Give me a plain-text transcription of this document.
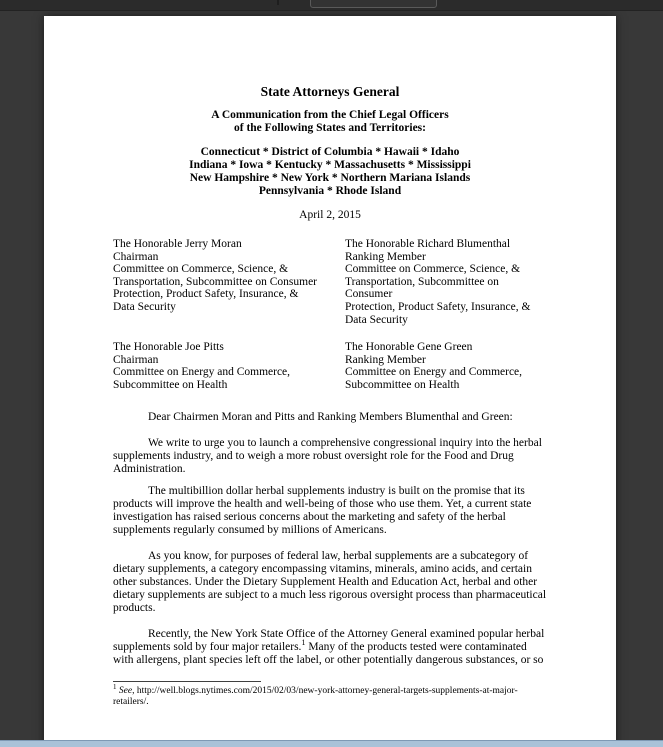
State Attorneys General
A Communication from the Chief Legal Officers
of the Following States and Territories:
Connecticut * District of Columbia * Hawaii * Idaho
Indiana * Iowa * Kentucky * Massachusetts * Mississippi
New Hampshire * New York * Northern Mariana Islands
Pennsylvania * Rhode Island
April 2, 2015
The Honorable Jerry Moran
Chairman
Committee on Commerce, Science, &
Transportation, Subcommittee on Consumer
Protection, Product Safety, Insurance, &
Data Security
The Honorable Richard Blumenthal
Ranking Member
Committee on Commerce, Science, &
Transportation, Subcommittee on Consumer
Protection, Product Safety, Insurance, &
Data Security
The Honorable Joe Pitts
Chairman
Committee on Energy and Commerce,
Subcommittee on Health
The Honorable Gene Green
Ranking Member
Committee on Energy and Commerce,
Subcommittee on Health

Dear Chairmen Moran and Pitts and Ranking Members Blumenthal and Green:

We write to urge you to launch a comprehensive congressional inquiry into the herbal supplements industry, and to weigh a more robust oversight role for the Food and Drug Administration.

The multibillion dollar herbal supplements industry is built on the promise that its products will improve the health and well-being of those who use them. Yet, a current state investigation has raised serious concerns about the marketing and safety of the herbal supplements regularly consumed by millions of Americans.

As you know, for purposes of federal law, herbal supplements are a subcategory of dietary supplements, a category encompassing vitamins, minerals, amino acids, and certain other substances. Under the Dietary Supplement Health and Education Act, herbal and other dietary supplements are subject to a much less rigorous oversight process than pharmaceutical products.

Recently, the New York State Office of the Attorney General examined popular herbal supplements sold by four major retailers.$^1$ Many of the products tested were contaminated with allergens, plant species left off the label, or other potentially dangerous substances, or so

$^1$ See, http://well.blogs.nytimes.com/2015/02/03/new-york-attorney-general-targets-supplements-at-major-retailers/.
